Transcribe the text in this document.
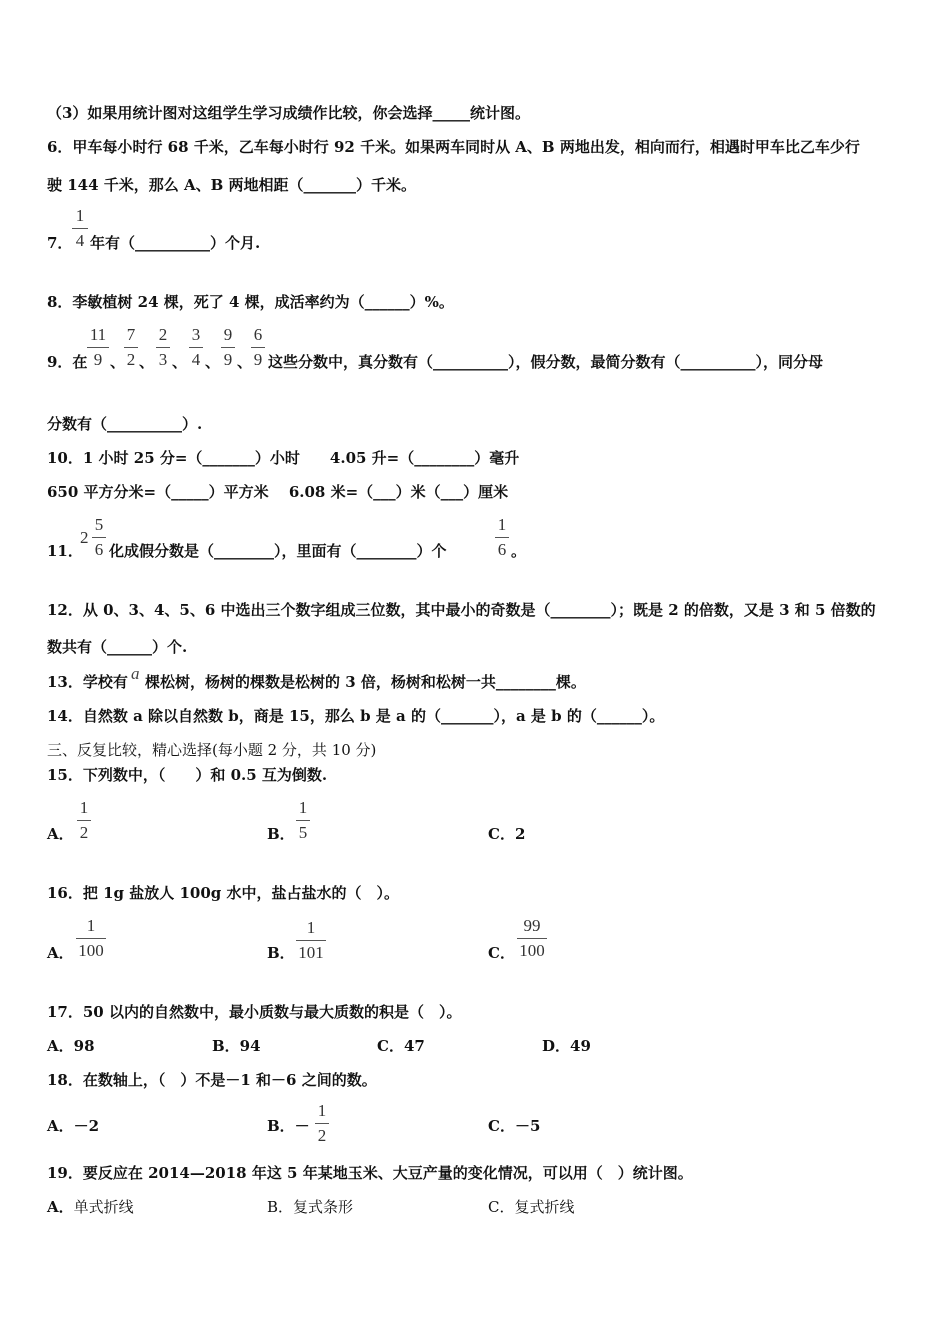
（3）如果用统计图对这组学生学习成绩作比较，你会选择_____统计图。
6．甲车每小时行 68 千米，乙车每小时行 92 千米。如果两车同时从 A、B 两地出发，相向而行，相遇时甲车比乙车少行
驶 144 千米，那么 A、B 两地相距（_______）千米。
7．
1
4 年有（__________）个月.
8．李敏植树 24 棵，死了 4 棵，成活率约为（______）%。
9．在
11
9 、
7
2 、
2
3 、
3
4 、
9
9 、
6
9 这些分数中，真分数有（__________），假分数，最简分数有（__________），同分母
分数有（__________）.
10．1 小时 25 分=（_______）小时　　4.05 升=（________）毫升
650 平方分米=（_____）平方米　 6.08 米=（___）米（___）厘米
11．
2
5
6 化成假分数是（________），里面有（________）个
1
6 。
12．从 0、3、4、5、6 中选出三个数字组成三位数，其中最小的奇数是（________）；既是 2 的倍数，又是 3 和 5 倍数的
数共有（______）个.
13．学校有 a 棵松树，杨树的棵数是松树的 3 倍，杨树和松树一共________棵。
14．自然数 a 除以自然数 b，商是 15，那么 b 是 a 的（_______），a 是 b 的（______）。
三、反复比较，精心选择(每小题 2 分，共 10 分)
15．下列数中，（　　）和 0.5 互为倒数.
A．
1
2	B．
1
5	C．2
16．把 1g 盐放人 100g 水中，盐占盐水的（　）。
A．
1
100	B．
1
101	C．
99
100
17．50 以内的自然数中，最小质数与最大质数的积是（　）。
A．98	B．94	C．47	D．49
18．在数轴上，（　）不是－1 和－6 之间的数。
A．－2	B．－
1
2	C．－5
19．要反应在 2014—2018 年这 5 年某地玉米、大豆产量的变化情况，可以用（　）统计图。
A．单式折线	B．复式条形	C．复式折线
